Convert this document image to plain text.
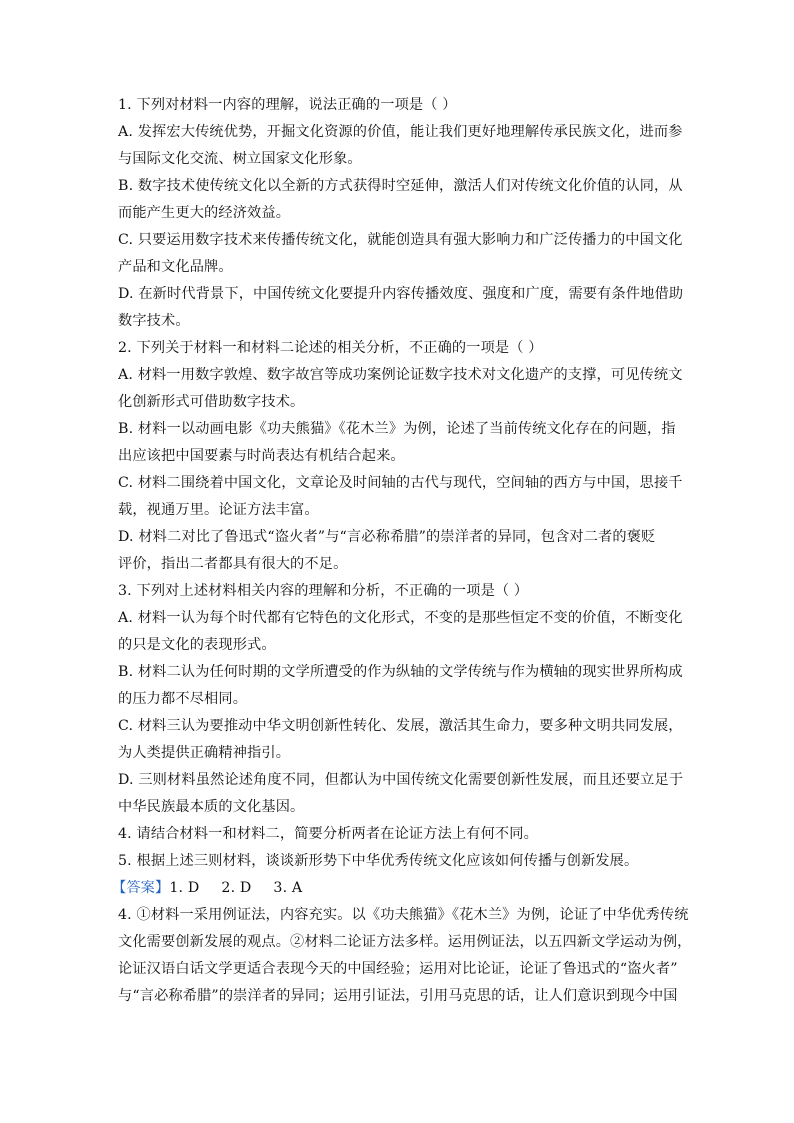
1. 下列对材料一内容的理解，说法正确的一项是（ ）
A. 发挥宏大传统优势，开掘文化资源的价值，能让我们更好地理解传承民族文化，进而参
与国际文化交流、树立国家文化形象。
B. 数字技术使传统文化以全新的方式获得时空延伸，激活人们对传统文化价值的认同，从
而能产生更大的经济效益。
C. 只要运用数字技术来传播传统文化，就能创造具有强大影响力和广泛传播力的中国文化
产品和文化品牌。
D. 在新时代背景下，中国传统文化要提升内容传播效度、强度和广度，需要有条件地借助
数字技术。
2. 下列关于材料一和材料二论述的相关分析，不正确的一项是（ ）
A. 材料一用数字敦煌、数字故宫等成功案例论证数字技术对文化遗产的支撑，可见传统文
化创新形式可借助数字技术。
B. 材料一以动画电影《功夫熊猫》《花木兰》为例，论述了当前传统文化存在的问题，指
出应该把中国要素与时尚表达有机结合起来。
C. 材料二围绕着中国文化，文章论及时间轴的古代与现代，空间轴的西方与中国，思接千
载，视通万里。论证方法丰富。
D. 材料二对比了鲁迅式“盗火者”与“言必称希腊”的崇洋者的异同，包含对二者的褒贬
评价，指出二者都具有很大的不足。
3. 下列对上述材料相关内容的理解和分析，不正确的一项是（ ）
A. 材料一认为每个时代都有它特色的文化形式，不变的是那些恒定不变的价值，不断变化
的只是文化的表现形式。
B. 材料二认为任何时期的文学所遭受的作为纵轴的文学传统与作为横轴的现实世界所构成
的压力都不尽相同。
C. 材料三认为要推动中华文明创新性转化、发展，激活其生命力，要多种文明共同发展，
为人类提供正确精神指引。
D. 三则材料虽然论述角度不同，但都认为中国传统文化需要创新性发展，而且还要立足于
中华民族最本质的文化基因。
4. 请结合材料一和材料二，简要分析两者在论证方法上有何不同。
5. 根据上述三则材料，谈谈新形势下中华优秀传统文化应该如何传播与创新发展。
【答案】1. D 2. D 3. A
4. ①材料一采用例证法，内容充实。以《功夫熊猫》《花木兰》为例，论证了中华优秀传统
文化需要创新发展的观点。②材料二论证方法多样。运用例证法，以五四新文学运动为例，
论证汉语白话文学更适合表现今天的中国经验；运用对比论证，论证了鲁迅式的“盗火者”
与“言必称希腊”的崇洋者的异同；运用引证法，引用马克思的话，让人们意识到现今中国
